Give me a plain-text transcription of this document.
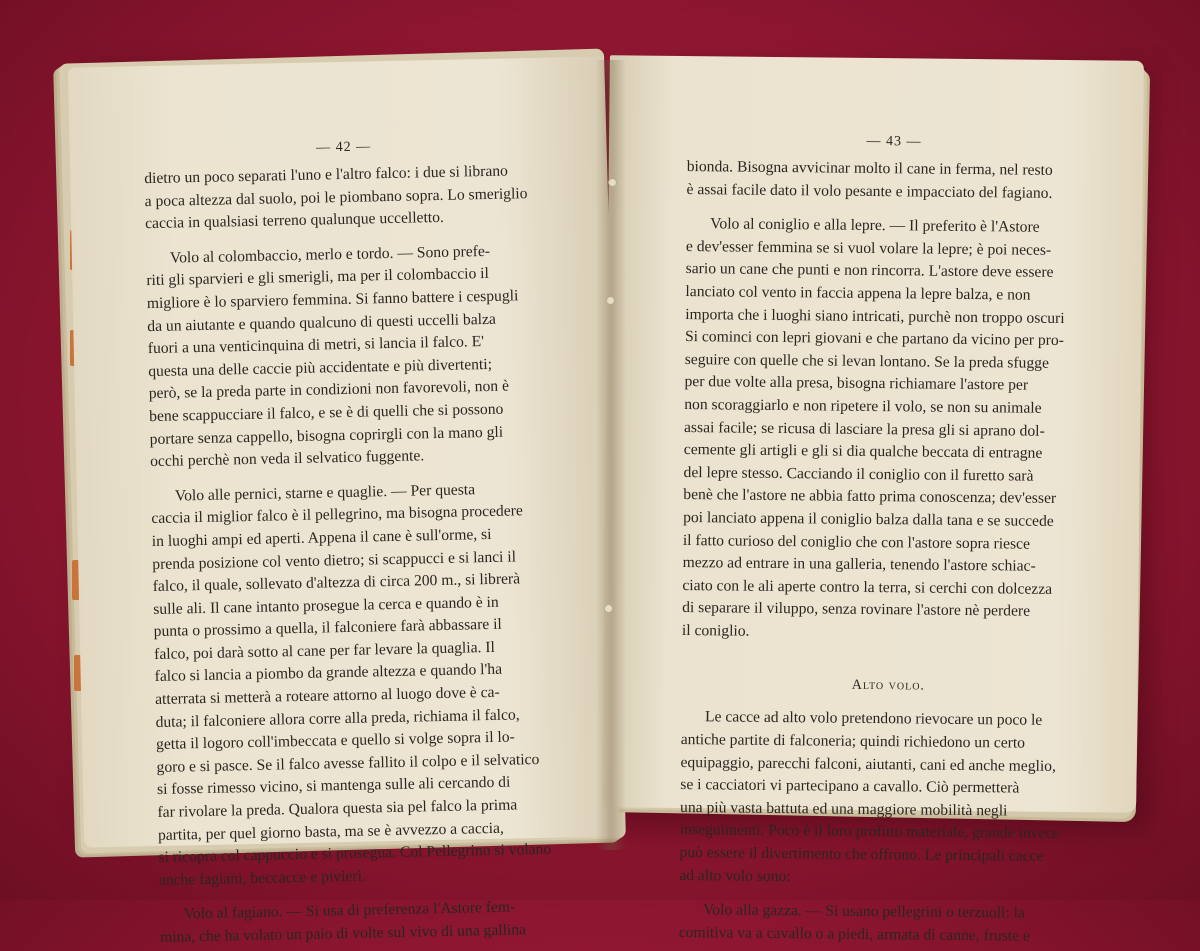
— 42 —

dietro un poco separati l'uno e l'altro falco: i due si librano
a poca altezza dal suolo, poi le piombano sopra. Lo smeriglio
caccia in qualsiasi terreno qualunque uccelletto.

Volo al colombaccio, merlo e tordo. — Sono prefe-
riti gli sparvieri e gli smerigli, ma per il colombaccio il
migliore è lo sparviero femmina. Si fanno battere i cespugli
da un aiutante e quando qualcuno di questi uccelli balza
fuori a una venticinquina di metri, si lancia il falco. E'
questa una delle caccie più accidentate e più divertenti;
però, se la preda parte in condizioni non favorevoli, non è
bene scappucciare il falco, e se è di quelli che si possono
portare senza cappello, bisogna coprirgli con la mano gli
occhi perchè non veda il selvatico fuggente.

Volo alle pernici, starne e quaglie. — Per questa
caccia il miglior falco è il pellegrino, ma bisogna procedere
in luoghi ampi ed aperti. Appena il cane è sull'orme, si
prenda posizione col vento dietro; si scappucci e si lanci il
falco, il quale, sollevato d'altezza di circa 200 m., si librerà
sulle ali. Il cane intanto prosegue la cerca e quando è in
punta o prossimo a quella, il falconiere farà abbassare il
falco, poi darà sotto al cane per far levare la quaglia. Il
falco si lancia a piombo da grande altezza e quando l'ha
atterrata si metterà a roteare attorno al luogo dove è ca-
duta; il falconiere allora corre alla preda, richiama il falco,
getta il logoro coll'imbeccata e quello si volge sopra il lo-
goro e si pasce. Se il falco avesse fallito il colpo e il selvatico
si fosse rimesso vicino, si mantenga sulle ali cercando di
far rivolare la preda. Qualora questa sia pel falco la prima
partita, per quel giorno basta, ma se è avvezzo a caccia,
si ricopra col cappuccio e si prosegua. Col Pellegrino si volano
anche fagiani, beccacce e pivieri.

Volo al fagiano. — Si usa di preferenza l'Astore fem-
mina, che ha volato un paio di volte sul vivo di una gallina

— 43 —

bionda. Bisogna avvicinar molto il cane in ferma, nel resto
è assai facile dato il volo pesante e impacciato del fagiano.

Volo al coniglio e alla lepre. — Il preferito è l'Astore
e dev'esser femmina se si vuol volare la lepre; è poi neces-
sario un cane che punti e non rincorra. L'astore deve essere
lanciato col vento in faccia appena la lepre balza, e non
importa che i luoghi siano intricati, purchè non troppo oscuri
Si cominci con lepri giovani e che partano da vicino per pro-
seguire con quelle che si levan lontano. Se la preda sfugge
per due volte alla presa, bisogna richiamare l'astore per
non scoraggiarlo e non ripetere il volo, se non su animale
assai facile; se ricusa di lasciare la presa gli si aprano dol-
cemente gli artigli e gli si dia qualche beccata di entragne
del lepre stesso. Cacciando il coniglio con il furetto sarà
benè che l'astore ne abbia fatto prima conoscenza; dev'esser
poi lanciato appena il coniglio balza dalla tana e se succede
il fatto curioso del coniglio che con l'astore sopra riesce
mezzo ad entrare in una galleria, tenendo l'astore schiac-
ciato con le ali aperte contro la terra, si cerchi con dolcezza
di separare il viluppo, senza rovinare l'astore nè perdere
il coniglio.

Alto volo.

Le cacce ad alto volo pretendono rievocare un poco le
antiche partite di falconeria; quindi richiedono un certo
equipaggio, parecchi falconi, aiutanti, cani ed anche meglio,
se i cacciatori vi partecipano a cavallo. Ciò permetterà
una più vasta battuta ed una maggiore mobilità negli
inseguimenti. Poco è il loro profitto materiale, grande invece
può essere il divertimento che offrono. Le principali cacce
ad alto volo sono:

Volo alla gazza. — Si usano pellegrini o terzuoli: la
comitiva va a cavallo o a piedi, armata di canne, fruste e
